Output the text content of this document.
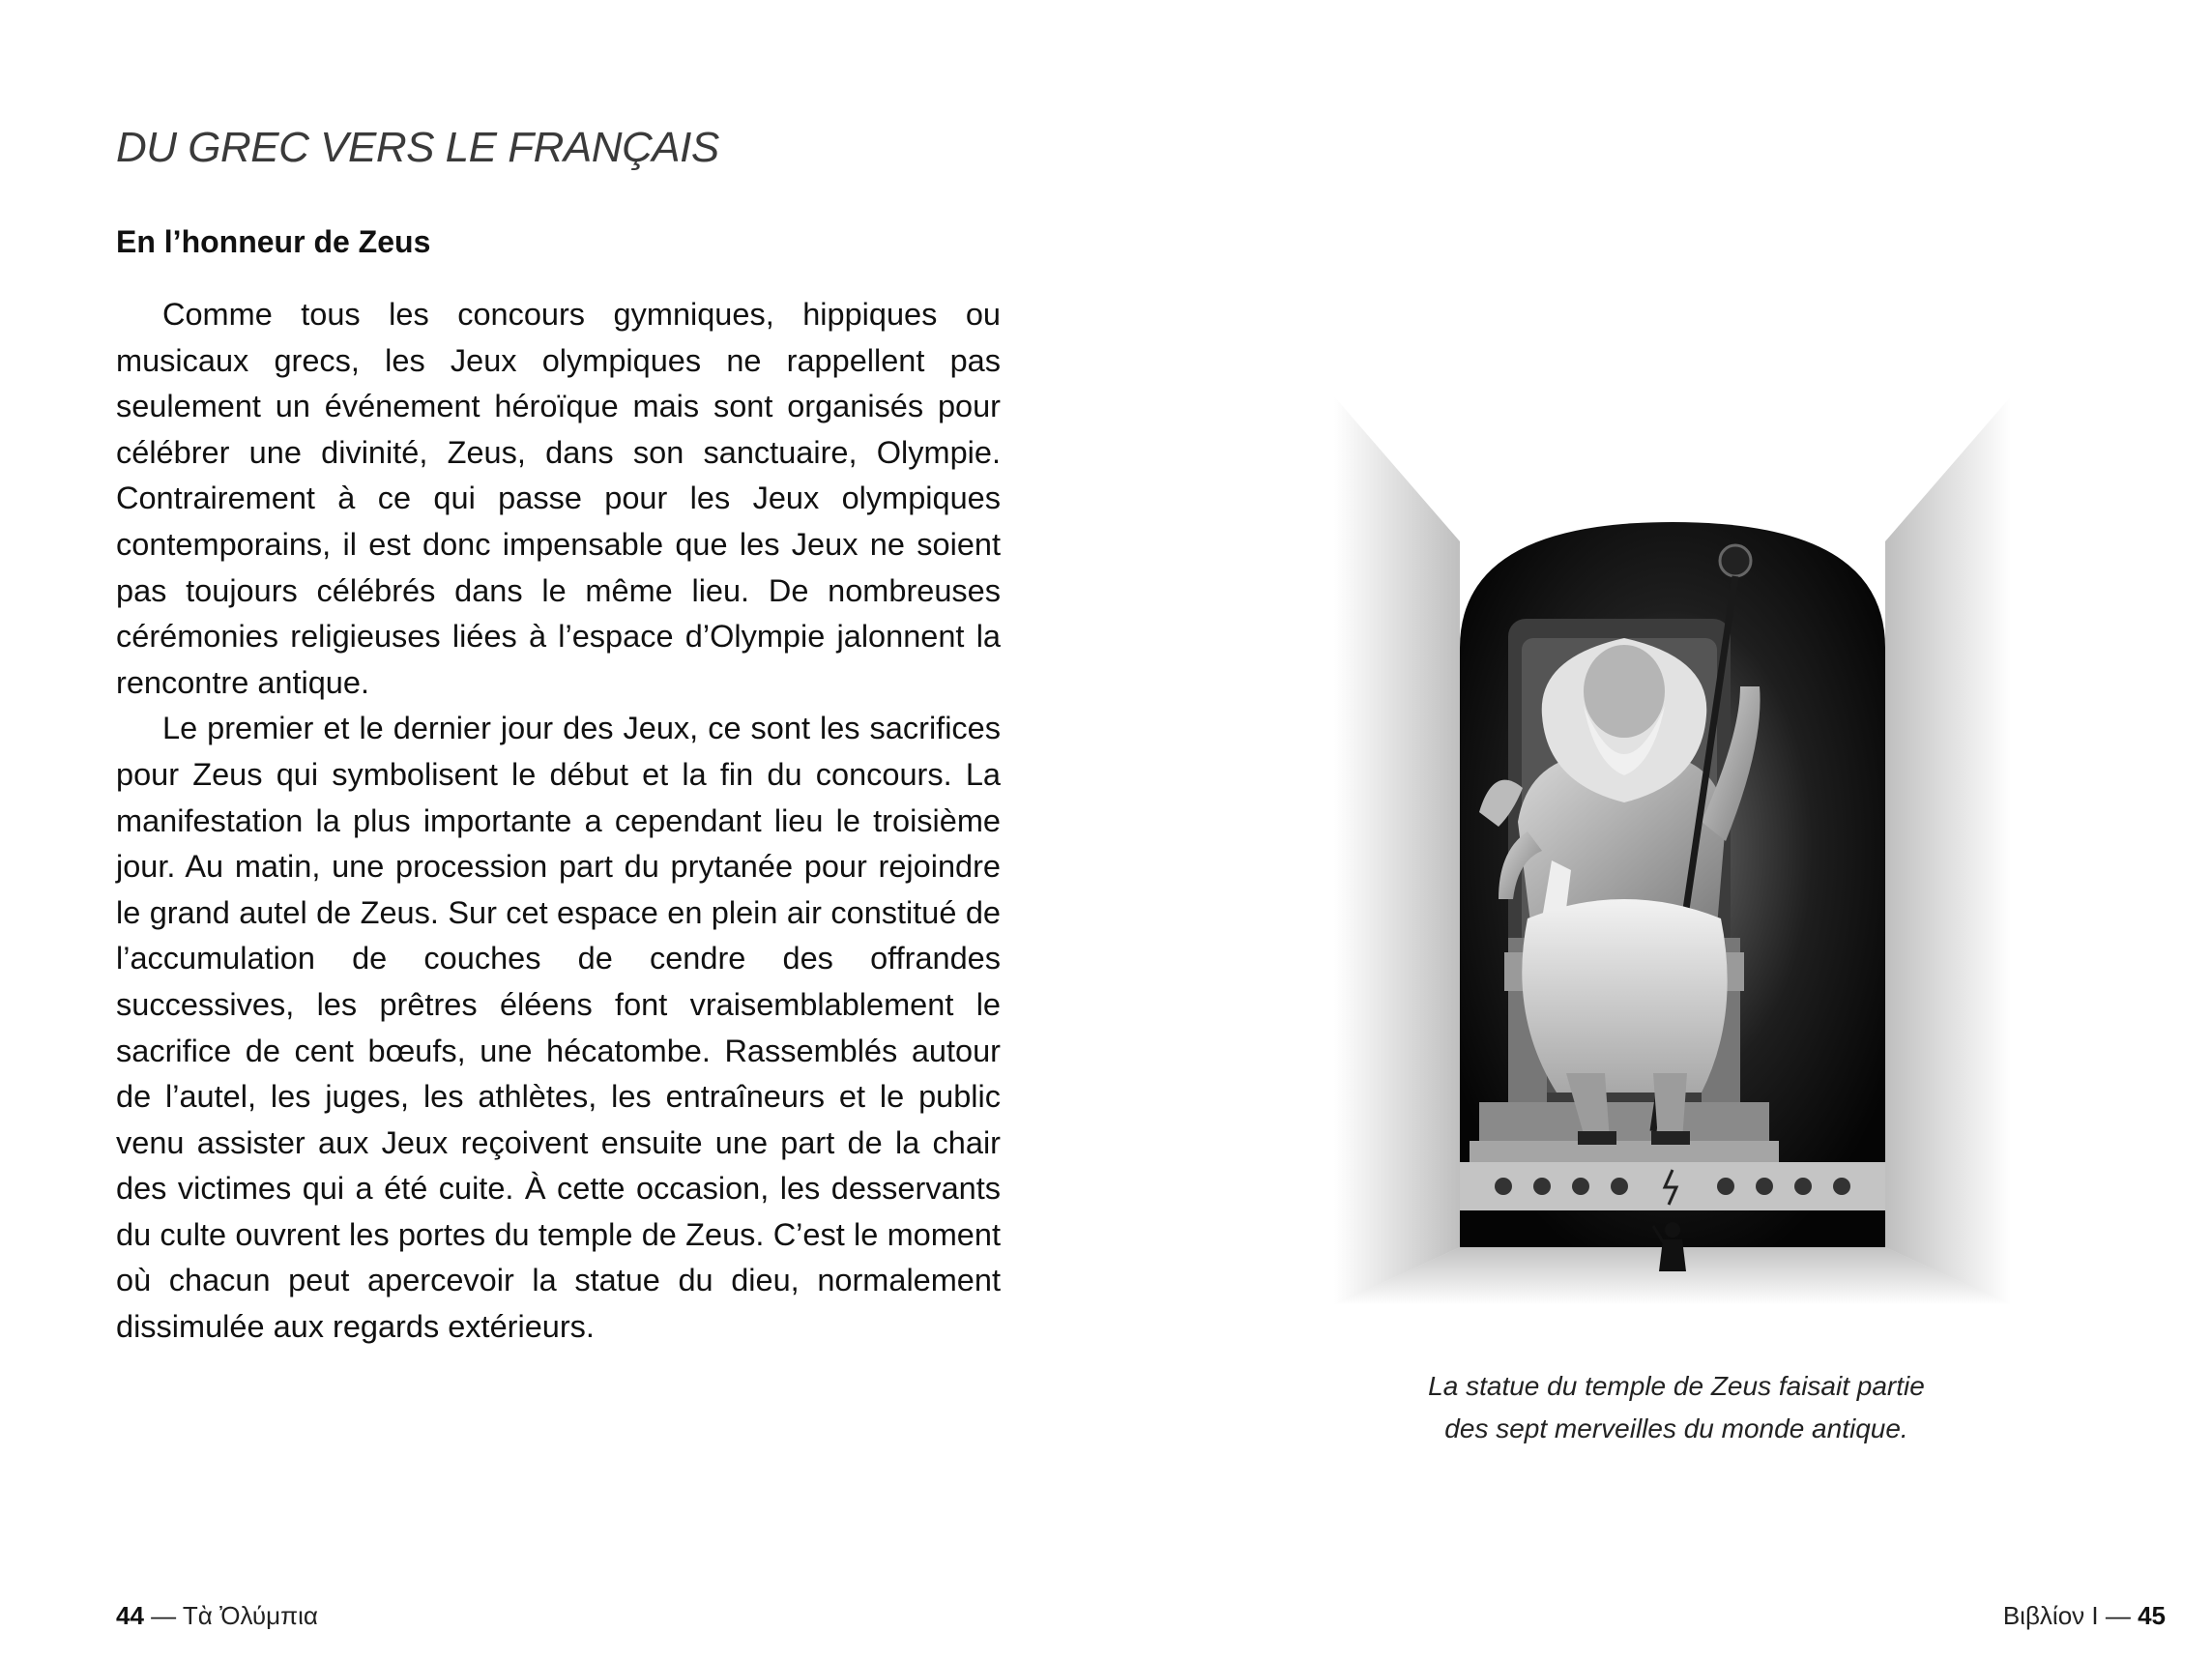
DU GREC VERS LE FRANÇAIS
En l’honneur de Zeus

Comme tous les concours gymniques, hippiques ou musicaux grecs, les Jeux olympiques ne rappellent pas seulement un événement héroïque mais sont organisés pour célébrer une divinité, Zeus, dans son sanctuaire, Olympie. Contrairement à ce qui passe pour les Jeux olympiques contemporains, il est donc impensable que les Jeux ne soient pas toujours célébrés dans le même lieu. De nombreuses cérémonies religieuses liées à l’espace d’Olympie jalonnent la rencontre antique.

Le premier et le dernier jour des Jeux, ce sont les sacrifices pour Zeus qui symbolisent le début et la fin du concours. La manifestation la plus importante a cependant lieu le troisième jour. Au matin, une procession part du prytanée pour rejoindre le grand autel de Zeus. Sur cet espace en plein air constitué de l’accumulation de couches de cendre des offrandes successives, les prêtres éléens font vraisemblablement le sacrifice de cent bœufs, une hécatombe. Rassemblés autour de l’autel, les juges, les athlètes, les entraîneurs et le public venu assister aux Jeux reçoivent ensuite une part de la chair des victimes qui a été cuite. À cette occasion, les desservants du culte ouvrent les portes du temple de Zeus. C’est le moment où chacun peut apercevoir la statue du dieu, normalement dissimulée aux regards extérieurs.

44 — Τὰ Ὀλύμπια
La statue du temple de Zeus faisait partie
des sept merveilles du monde antique.
Βιβλίον I — 45
